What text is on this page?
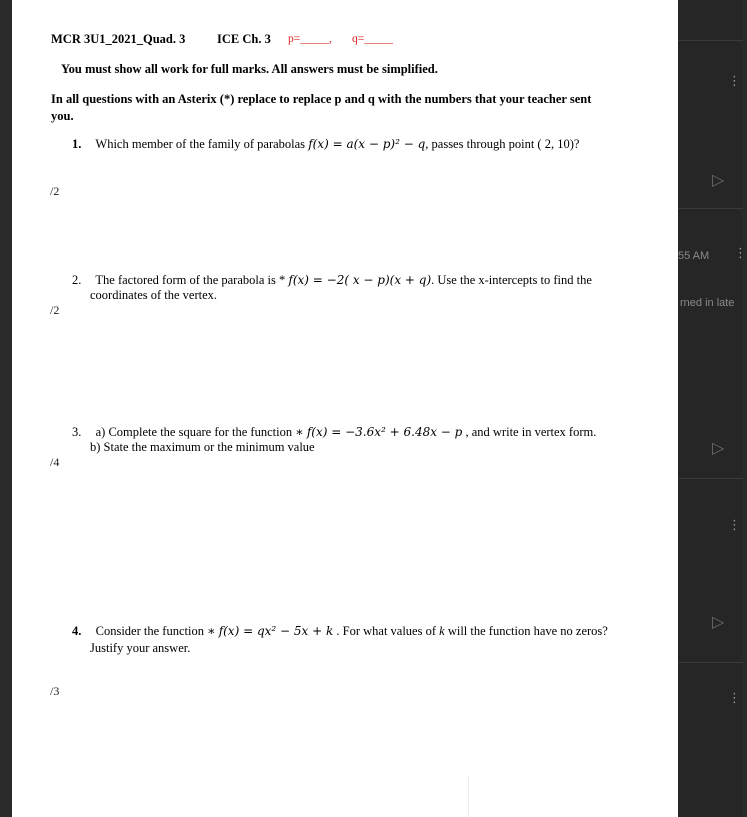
⋮
▷
55 AM ⋮
rned in late
▷
⋮
▷
⋮
MCR 3U1_2021_Quad. 3	ICE Ch. 3 p=_____, q=_____
You must show all work for full marks. All answers must be simplified.
In all questions with an Asterix (*) replace to replace p and q with the numbers that your teacher sent
you.
1. Which member of the family of parabolas f(x) = a(x − p)² − q, passes through point ( 2, 10)?
/2
2. The factored form of the parabola is * f(x) = −2( x − p)(x + q). Use the x-intercepts to find the
coordinates of the vertex.
/2
3. a) Complete the square for the function ∗ f(x) = −3.6x² + 6.48x − p , and write in vertex form.
b) State the maximum or the minimum value
/4
4. Consider the function ∗ f(x) = qx² − 5x + k . For what values of k will the function have no zeros?
Justify your answer.
/3
